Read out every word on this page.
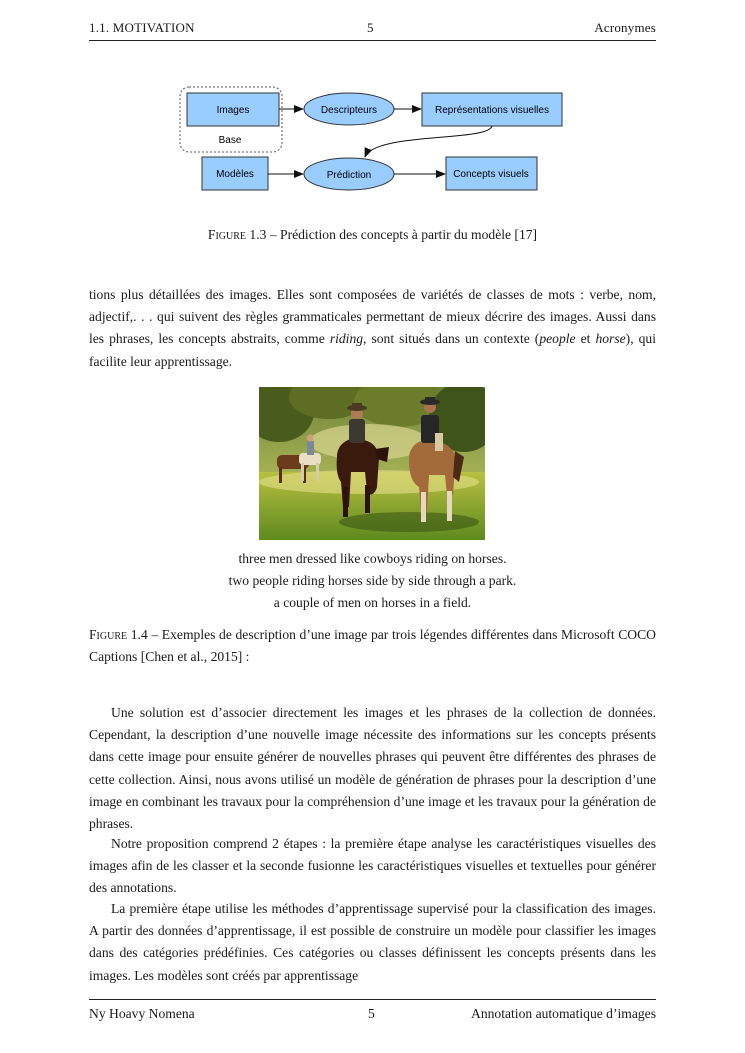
1.1. MOTIVATION	5	Acronymes
Images
Base
Descripteurs	Représentations visuelles
Modèles	Prédiction	Concepts visuels
Figure 1.3 – Prédiction des concepts à partir du modèle [17]

tions plus détaillées des images. Elles sont composées de variétés de classes de mots : verbe, nom, adjectif,. . . qui suivent des règles grammaticales permettant de mieux décrire des images. Aussi dans les phrases, les concepts abstraits, comme riding, sont situés dans un contexte (people et horse), qui facilite leur apprentissage.

three men dressed like cowboys riding on horses.
two people riding horses side by side through a park.
a couple of men on horses in a field.

Figure 1.4 – Exemples de description d’une image par trois légendes différentes dans Microsoft COCO Captions [Chen et al., 2015] :

Une solution est d’associer directement les images et les phrases de la collection de données. Cependant, la description d’une nouvelle image nécessite des informations sur les concepts présents dans cette image pour ensuite générer de nouvelles phrases qui peuvent être différentes des phrases de cette collection. Ainsi, nous avons utilisé un modèle de génération de phrases pour la description d’une image en combinant les travaux pour la compréhension d’une image et les travaux pour la génération de phrases.

Notre proposition comprend 2 étapes : la première étape analyse les caractéristiques visuelles des images afin de les classer et la seconde fusionne les caractéristiques visuelles et textuelles pour générer des annotations.

La première étape utilise les méthodes d’apprentissage supervisé pour la classification des images. A partir des données d’apprentissage, il est possible de construire un modèle pour classifier les images dans des catégories prédéfinies. Ces catégories ou classes définissent les concepts présents dans les images. Les modèles sont créés par apprentissage

Ny Hoavy Nomena	5	Annotation automatique d’images
